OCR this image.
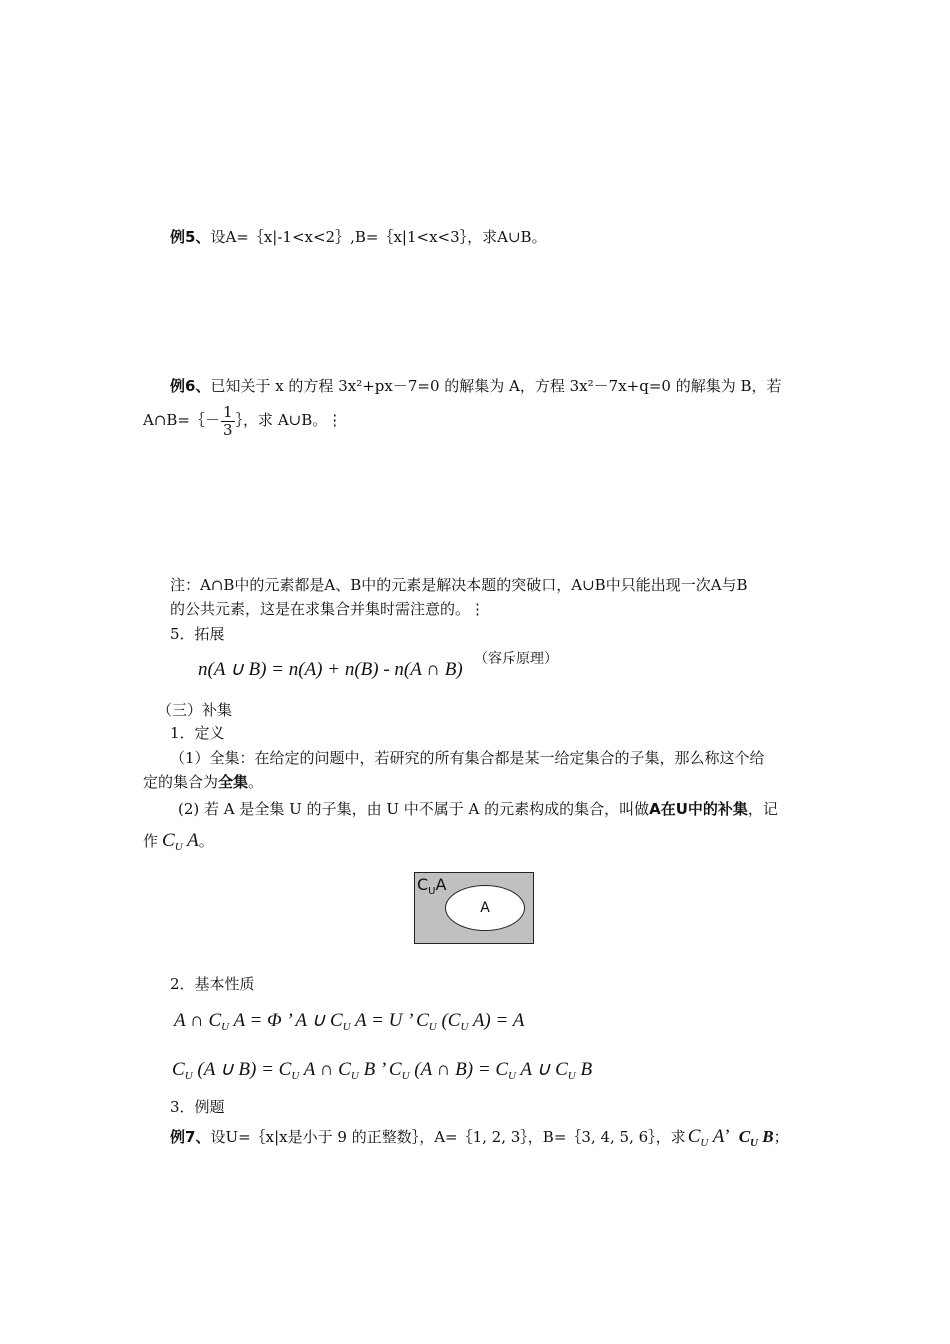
例5、设A=｛x|-1<x<2｝,B=｛x|1<x<3｝，求A∪B。
例6、已知关于 x 的方程 3x²+px－7=0 的解集为 A，方程 3x²－7x+q=0 的解集为 B，若
A∩B=｛－ $\frac{1}{3}$ ｝，求 A∪B。⋮
注：A∩B中的元素都是A、B中的元素是解决本题的突破口，A∪B中只能出现一次A与B
的公共元素，这是在求集合并集时需注意的。⋮
5．拓展
n(A ∪ B) = n(A) + n(B) - n(A ∩ B) （容斥原理）
（三）补集
1．定义
（1）全集：在给定的问题中，若研究的所有集合都是某一给定集合的子集，那么称这个给
定的集合为全集。
(2) 若 A 是全集 U 的子集，由 U 中不属于 A 的元素构成的集合，叫做A在U中的补集，记
作 $C_U$ A。
$C_UA$
A
2．基本性质
A ∩ $C_U$ A = Φ ’ A ∪ $C_U$ A = U ’ $C_U$ ($C_U$ A) = A
$C_U$ (A ∪ $B) = C_U$ A ∩ $C_U$ B ’ $C_U$ (A ∩ $B) = C_U$ A ∪ $C_U$ B
3．例题
例7、设U=｛x|x是小于 9 的正整数｝，A=｛1, 2, 3｝，B=｛3, 4, 5, 6｝，求 $C_U$ A’ $C_U$ B；
